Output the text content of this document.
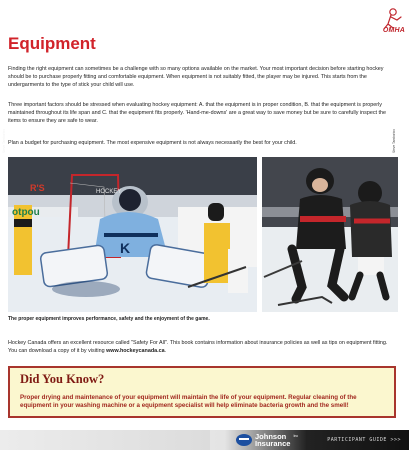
OMHA
Equipment

Finding the right equipment can sometimes be a challenge with so many options available on the market. Your most important decision before starting hockey should be to purchase properly fitting and comfortable equipment. When equipment is not suitably fitted, the player may be injured. This starts from the undergarments to the type of stick your child will use.

Three important factors should be stressed when evaluating hockey equipment: A. that the equipment is in proper condition, B. that the equipment is properly maintained throughout its life span and C. that the equipment fits properly. 'Hand-me-downs' are a great way to save money but be sure to carefully inspect the items to ensure they are safe to wear.

Plan a budget for purchasing equipment. The most expensive equipment is not always necessarily the best for your child.

K
R'S	HOCKEY
otpou
Steve Tamborino	Steve Tamborino
The proper equipment improves performance, safety and the enjoyment of the game.

Hockey Canada offers an excellent resource called "Safety For All". This book contains information about insurance policies as well as tips on equipment fitting. You can download a copy of it by visiting www.hockeycanada.ca.

Did You Know?

Proper drying and maintenance of your equipment will maintain the life of your equipment. Regular cleaning of the equipment in your washing machine or a equipment specialist will help eliminate bacteria growth and the smell!

Johnson
Insurance
Inc
PARTICIPANT GUIDE >>>
